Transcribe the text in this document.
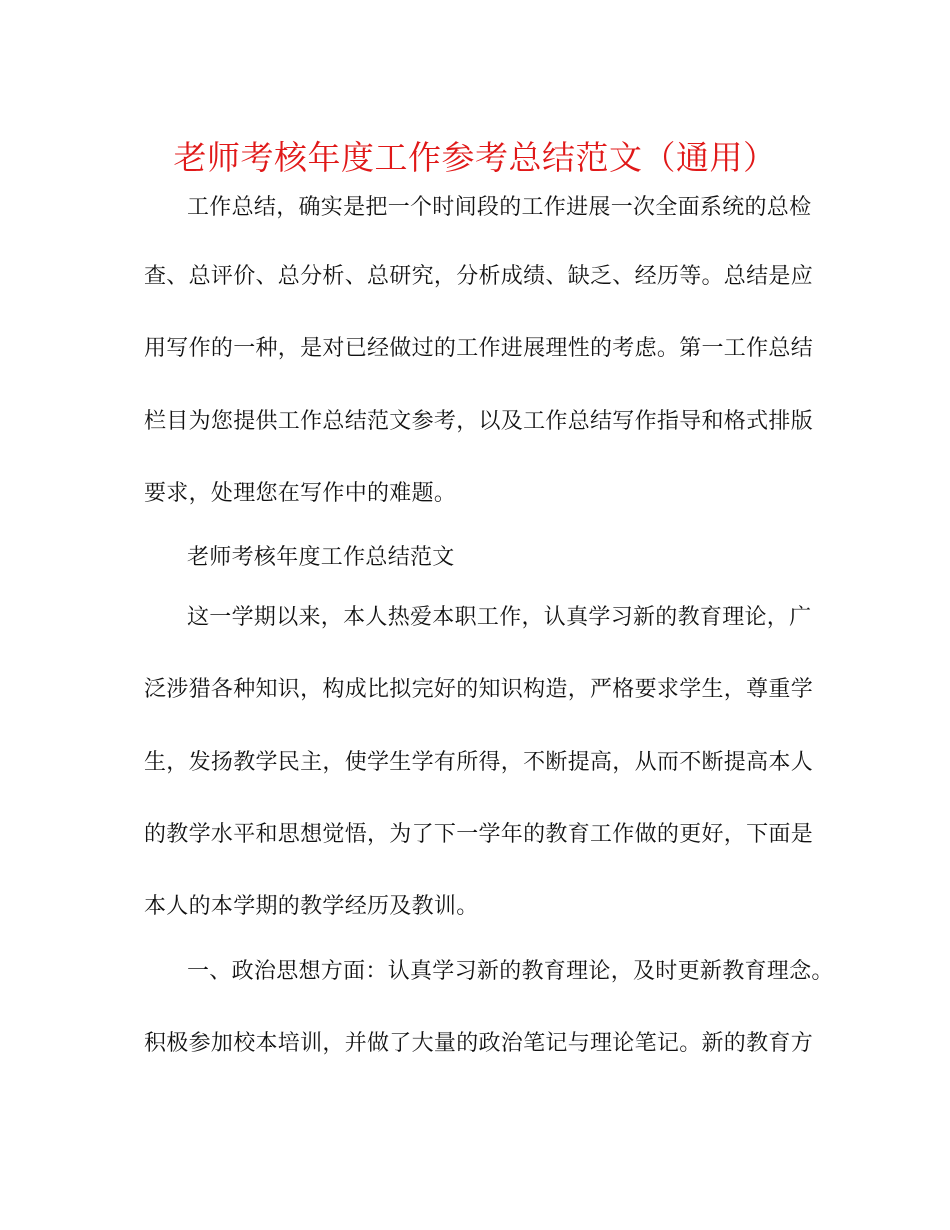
老师考核年度工作参考总结范文（通用）
工作总结，确实是把一个时间段的工作进展一次全面系统的总检
查、总评价、总分析、总研究，分析成绩、缺乏、经历等。总结是应
用写作的一种，是对已经做过的工作进展理性的考虑。第一工作总结
栏目为您提供工作总结范文参考，以及工作总结写作指导和格式排版
要求，处理您在写作中的难题。
老师考核年度工作总结范文
这一学期以来，本人热爱本职工作，认真学习新的教育理论，广
泛涉猎各种知识，构成比拟完好的知识构造，严格要求学生，尊重学
生，发扬教学民主，使学生学有所得，不断提高，从而不断提高本人
的教学水平和思想觉悟，为了下一学年的教育工作做的更好，下面是
本人的本学期的教学经历及教训。
一、政治思想方面：认真学习新的教育理论，及时更新教育理念。
积极参加校本培训，并做了大量的政治笔记与理论笔记。新的教育方
